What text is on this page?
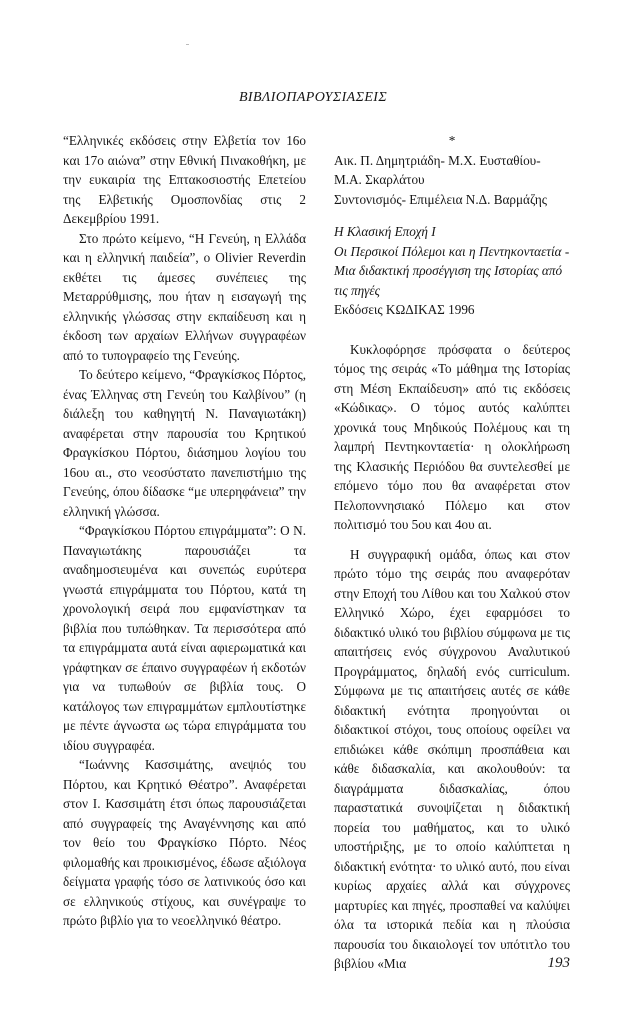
ΒΙΒΛΙΟΠΑΡΟΥΣΙΑΣΕΙΣ

“Ελληνικές εκδόσεις στην Ελβετία τον 16ο και 17ο αιώνα” στην Εθνική Πινακοθήκη, με την ευκαιρία της Επτακοσιοστής Επετείου της Ελβετικής Ομοσπονδίας στις 2 Δεκεμβρίου 1991.

Στο πρώτο κείμενο, “Η Γενεύη, η Ελλάδα και η ελληνική παιδεία”, ο Olivier Reverdin εκθέτει τις άμεσες συνέπειες της Μεταρρύθμισης, που ήταν η εισαγωγή της ελληνικής γλώσσας στην εκπαίδευση και η έκδοση των αρχαίων Ελλήνων συγγραφέων από το τυπογραφείο της Γενεύης.

Το δεύτερο κείμενο, “Φραγκίσκος Πόρτος, ένας Έλληνας στη Γενεύη του Καλβίνου” (η διάλεξη του καθηγητή Ν. Παναγιωτάκη) αναφέρεται στην παρουσία του Κρητικού Φραγκίσκου Πόρτου, διάσημου λογίου του 16ου αι., στο νεοσύστατο πανεπιστήμιο της Γενεύης, όπου δίδασκε “με υπερηφάνεια” την ελληνική γλώσσα.

“Φραγκίσκου Πόρτου επιγράμματα”: Ο Ν. Παναγιωτάκης παρουσιάζει τα αναδημοσιευμένα και συνεπώς ευρύτερα γνωστά επιγράμματα του Πόρτου, κατά τη χρονολογική σειρά που εμφανίστηκαν τα βιβλία που τυπώθηκαν. Τα περισσότερα από τα επιγράμματα αυτά είναι αφιερωματικά και γράφτηκαν σε έπαινο συγγραφέων ή εκδοτών για να τυπωθούν σε βιβλία τους. Ο κατάλογος των επιγραμμάτων εμπλουτίστηκε με πέντε άγνωστα ως τώρα επιγράμματα του ιδίου συγγραφέα.

“Ιωάννης Κασσιμάτης, ανεψιός του Πόρτου, και Κρητικό Θέατρο”. Αναφέρεται στον Ι. Κασσιμάτη έτσι όπως παρουσιάζεται από συγγραφείς της Αναγέννησης και από τον θείο του Φραγκίσκο Πόρτο. Νέος φιλομαθής και προικισμένος, έδωσε αξιόλογα δείγματα γραφής τόσο σε λατινικούς όσο και σε ελληνικούς στίχους, και συνέγραψε το πρώτο βιβλίο για το νεοελληνικό θέατρο.

*
Αικ. Π. Δημητριάδη- Μ.Χ. Ευσταθίου- Μ.Α. Σκαρλάτου
Συντονισμός- Επιμέλεια Ν.Δ. Βαρμάζης
Η Κλασική Εποχή Ι
Οι Περσικοί Πόλεμοι και η Πεντηκονταετία - Μια διδακτική προσέγγιση της Ιστορίας από τις πηγές
Εκδόσεις ΚΩΔΙΚΑΣ 1996

Κυκλοφόρησε πρόσφατα ο δεύτερος τόμος της σειράς «Το μάθημα της Ιστορίας στη Μέση Εκπαίδευση» από τις εκδόσεις «Κώδικας». Ο τόμος αυτός καλύπτει χρονικά τους Μηδικούς Πολέμους και τη λαμπρή Πεντηκονταετία· η ολοκλήρωση της Κλασικής Περιόδου θα συντελεσθεί με επόμενο τόμο που θα αναφέρεται στον Πελοποννησιακό Πόλεμο και στον πολιτισμό του 5ου και 4ου αι.

Η συγγραφική ομάδα, όπως και στον πρώτο τόμο της σειράς που αναφερόταν στην Εποχή του Λίθου και του Χαλκού στον Ελληνικό Χώρο, έχει εφαρμόσει το διδακτικό υλικό του βιβλίου σύμφωνα με τις απαιτήσεις ενός σύγχρονου Αναλυτικού Προγράμματος, δηλαδή ενός curriculum. Σύμφωνα με τις απαιτήσεις αυτές σε κάθε διδακτική ενότητα προηγούνται οι διδακτικοί στόχοι, τους οποίους οφείλει να επιδιώκει κάθε σκόπιμη προσπάθεια και κάθε διδασκαλία, και ακολουθούν: τα διαγράμματα διδασκαλίας, όπου παραστατικά συνοψίζεται η διδακτική πορεία του μαθήματος, και το υλικό υποστήριξης, με το οποίο καλύπτεται η διδακτική ενότητα· το υλικό αυτό, που είναι κυρίως αρχαίες αλλά και σύγχρονες μαρτυρίες και πηγές, προσπαθεί να καλύψει όλα τα ιστορικά πεδία και η πλούσια παρουσία του δικαιολογεί τον υπότιτλο του βιβλίου «Μια	193
